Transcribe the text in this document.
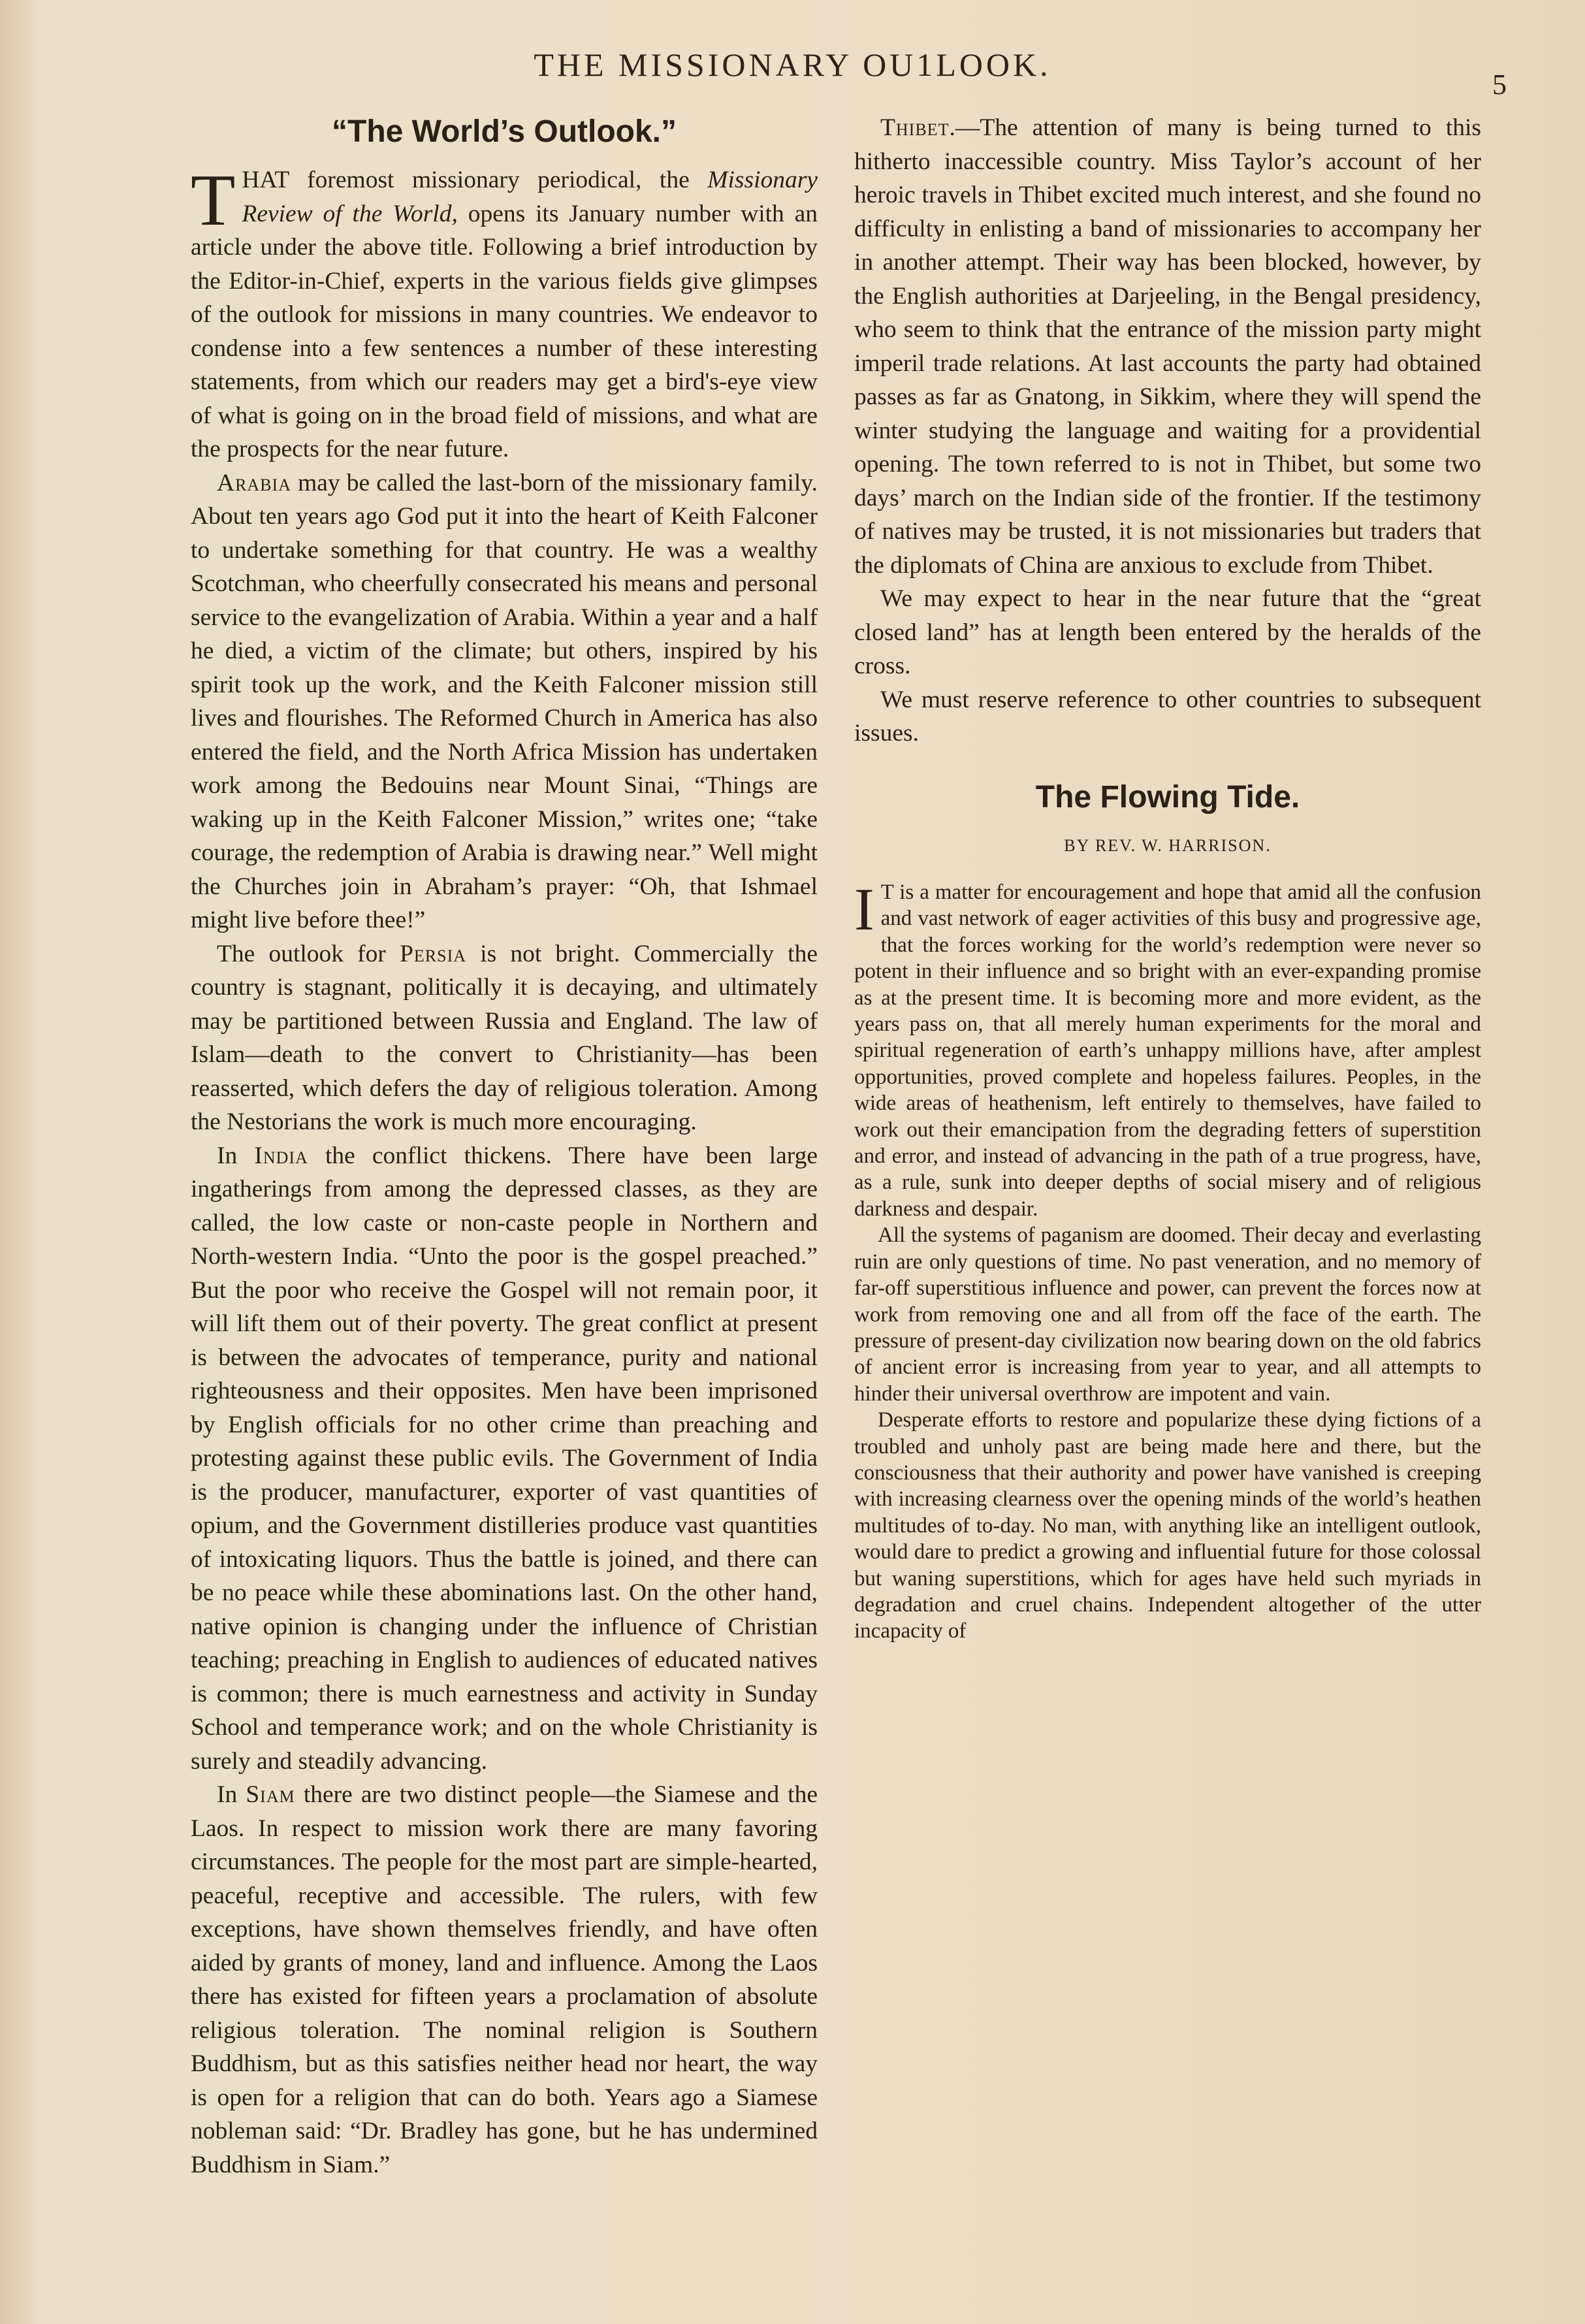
THE MISSIONARY OU1LOOK.
5
“The World’s Outlook.”

THAT foremost missionary periodical, the Missionary Review of the World, opens its January number with an article under the above title. Following a brief introduction by the Editor-in-Chief, experts in the various fields give glimpses of the outlook for missions in many countries. We endeavor to condense into a few sentences a number of these interesting statements, from which our readers may get a bird's-eye view of what is going on in the broad field of missions, and what are the prospects for the near future.

Arabia may be called the last-born of the missionary family. About ten years ago God put it into the heart of Keith Falconer to undertake something for that country. He was a wealthy Scotchman, who cheerfully consecrated his means and personal service to the evangelization of Arabia. Within a year and a half he died, a victim of the climate; but others, inspired by his spirit took up the work, and the Keith Falconer mission still lives and flourishes. The Reformed Church in America has also entered the field, and the North Africa Mission has undertaken work among the Bedouins near Mount Sinai, “Things are waking up in the Keith Falconer Mission,” writes one; “take courage, the redemption of Arabia is drawing near.” Well might the Churches join in Abraham’s prayer: “Oh, that Ishmael might live before thee!”

The outlook for Persia is not bright. Commercially the country is stagnant, politically it is decaying, and ultimately may be partitioned between Russia and England. The law of Islam—death to the convert to Christianity—has been reasserted, which defers the day of religious toleration. Among the Nestorians the work is much more encouraging.

In India the conflict thickens. There have been large ingatherings from among the depressed classes, as they are called, the low caste or non-caste people in Northern and North-western India. “Unto the poor is the gospel preached.” But the poor who receive the Gospel will not remain poor, it will lift them out of their poverty. The great conflict at present is between the advocates of temperance, purity and national righteousness and their opposites. Men have been imprisoned by English officials for no other crime than preaching and protesting against these public evils. The Government of India is the producer, manufacturer, exporter of vast quantities of opium, and the Government distilleries produce vast quantities of intoxicating liquors. Thus the battle is joined, and there can be no peace while these abominations last. On the other hand, native opinion is changing under the influence of Christian teaching; preaching in English to audiences of educated natives is common; there is much earnestness and activity in Sunday School and temperance work; and on the whole Christianity is surely and steadily advancing.

In Siam there are two distinct people—the Siamese and the Laos. In respect to mission work there are many favoring circumstances. The people for the most part are simple-hearted, peaceful, receptive and accessible. The rulers, with few exceptions, have shown themselves friendly, and have often aided by grants of money, land and influence. Among the Laos there has existed for fifteen years a proclamation of absolute religious toleration. The nominal religion is Southern Buddhism, but as this satisfies neither head nor heart, the way is open for a religion that can do both. Years ago a Siamese nobleman said: “Dr. Bradley has gone, but he has undermined Buddhism in Siam.”

Thibet.—The attention of many is being turned to this hitherto inaccessible country. Miss Taylor’s account of her heroic travels in Thibet excited much interest, and she found no difficulty in enlisting a band of missionaries to accompany her in another attempt. Their way has been blocked, however, by the English authorities at Darjeeling, in the Bengal presidency, who seem to think that the entrance of the mission party might imperil trade relations. At last accounts the party had obtained passes as far as Gnatong, in Sikkim, where they will spend the winter studying the language and waiting for a providential opening. The town referred to is not in Thibet, but some two days’ march on the Indian side of the frontier. If the testimony of natives may be trusted, it is not missionaries but traders that the diplomats of China are anxious to exclude from Thibet.

We may expect to hear in the near future that the “great closed land” has at length been entered by the heralds of the cross.

We must reserve reference to other countries to subsequent issues.

The Flowing Tide.
BY REV. W. HARRISON.

I T is a matter for encouragement and hope that amid all the confusion and vast network of eager activities of this busy and progressive age, that the forces working for the world’s redemption were never so potent in their influence and so bright with an ever-expanding promise as at the present time. It is becoming more and more evident, as the years pass on, that all merely human experiments for the moral and spiritual regeneration of earth’s unhappy millions have, after amplest opportunities, proved complete and hopeless failures. Peoples, in the wide areas of heathenism, left entirely to themselves, have failed to work out their emancipation from the degrading fetters of superstition and error, and instead of advancing in the path of a true progress, have, as a rule, sunk into deeper depths of social misery and of religious darkness and despair.

All the systems of paganism are doomed. Their decay and everlasting ruin are only questions of time. No past veneration, and no memory of far-off superstitious influence and power, can prevent the forces now at work from removing one and all from off the face of the earth. The pressure of present-day civilization now bearing down on the old fabrics of ancient error is increasing from year to year, and all attempts to hinder their universal overthrow are impotent and vain.

Desperate efforts to restore and popularize these dying fictions of a troubled and unholy past are being made here and there, but the consciousness that their authority and power have vanished is creeping with increasing clearness over the opening minds of the world’s heathen multitudes of to-day. No man, with anything like an intelligent outlook, would dare to predict a growing and influential future for those colossal but waning superstitions, which for ages have held such myriads in degradation and cruel chains. Independent altogether of the utter incapacity of
